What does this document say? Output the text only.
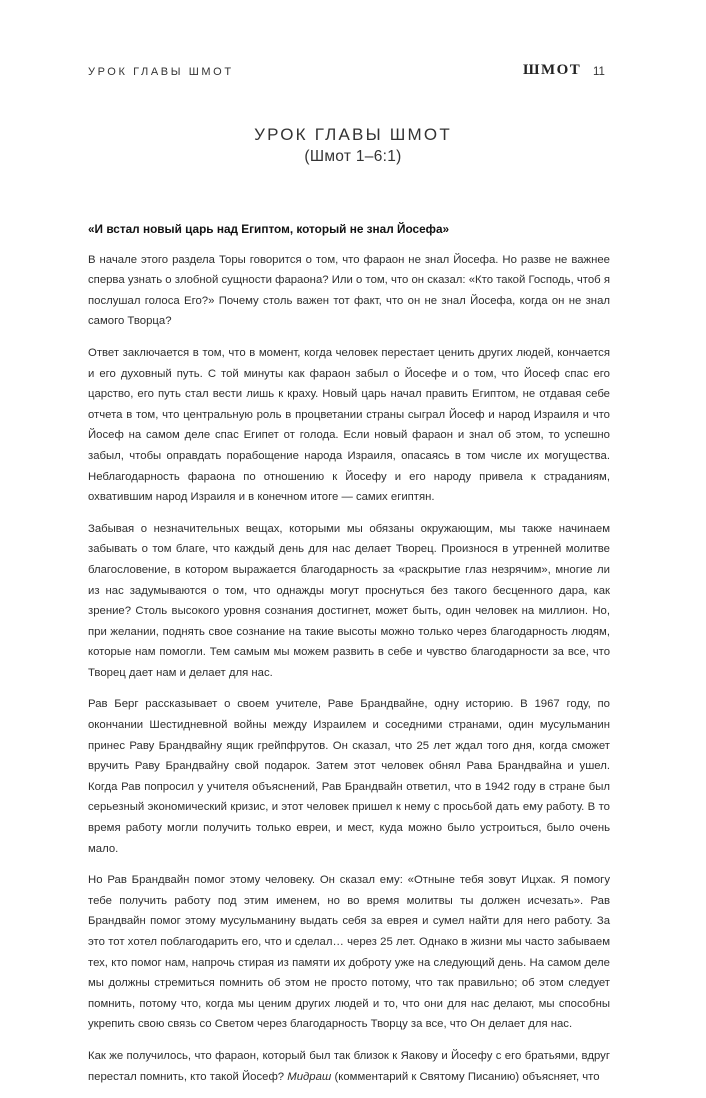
УРОК ГЛАВЫ ШМОТ	ШМОТ 11
УРОК ГЛАВЫ ШМОТ
(Шмот 1–6:1)

«И встал новый царь над Египтом, который не знал Йосефа»

В начале этого раздела Торы говорится о том, что фараон не знал Йосефа. Но разве не важнее сперва узнать о злобной сущности фараона? Или о том, что он сказал: «Кто такой Господь, чтоб я послушал голоса Его?» Почему столь важен тот факт, что он не знал Йосефа, когда он не знал самого Творца?

Ответ заключается в том, что в момент, когда человек перестает ценить других людей, кончается и его духовный путь. С той минуты как фараон забыл о Йосефе и о том, что Йосеф спас его царство, его путь стал вести лишь к краху. Новый царь начал править Египтом, не отдавая себе отчета в том, что центральную роль в процветании страны сыграл Йосеф и народ Израиля и что Йосеф на самом деле спас Египет от голода. Если новый фараон и знал об этом, то успешно забыл, чтобы оправдать порабощение народа Израиля, опасаясь в том числе их могущества. Неблагодарность фараона по отношению к Йосефу и его народу привела к страданиям, охватившим народ Израиля и в конечном итоге — самих египтян.

Забывая о незначительных вещах, которыми мы обязаны окружающим, мы также начинаем забывать о том благе, что каждый день для нас делает Творец. Произнося в утренней молитве благословение, в котором выражается благодарность за «раскрытие глаз незрячим», многие ли из нас задумываются о том, что однажды могут проснуться без такого бесценного дара, как зрение? Столь высокого уровня сознания достигнет, может быть, один человек на миллион. Но, при желании, поднять свое сознание на такие высоты можно только через благодарность людям, которые нам помогли. Тем самым мы можем развить в себе и чувство благодарности за все, что Творец дает нам и делает для нас.

Рав Берг рассказывает о своем учителе, Раве Брандвайне, одну историю. В 1967 году, по окончании Шестидневной войны между Израилем и соседними странами, один мусульманин принес Раву Брандвайну ящик грейпфрутов. Он сказал, что 25 лет ждал того дня, когда сможет вручить Раву Брандвайну свой подарок. Затем этот человек обнял Рава Брандвайна и ушел. Когда Рав попросил у учителя объяснений, Рав Брандвайн ответил, что в 1942 году в стране был серьезный экономический кризис, и этот человек пришел к нему с просьбой дать ему работу. В то время работу могли получить только евреи, и мест, куда можно было устроиться, было очень мало.

Но Рав Брандвайн помог этому человеку. Он сказал ему: «Отныне тебя зовут Ицхак. Я помогу тебе получить работу под этим именем, но во время молитвы ты должен исчезать». Рав Брандвайн помог этому мусульманину выдать себя за еврея и сумел найти для него работу. За это тот хотел поблагодарить его, что и сделал… через 25 лет. Однако в жизни мы часто забываем тех, кто помог нам, напрочь стирая из памяти их доброту уже на следующий день. На самом деле мы должны стремиться помнить об этом не просто потому, что так правильно; об этом следует помнить, потому что, когда мы ценим других людей и то, что они для нас делают, мы способны укрепить свою связь со Светом через благодарность Творцу за все, что Он делает для нас.

Как же получилось, что фараон, который был так близок к Яакову и Йосефу с его братьями, вдруг перестал помнить, кто такой Йосеф? Мидраш (комментарий к Святому Писанию) объясняет, что
